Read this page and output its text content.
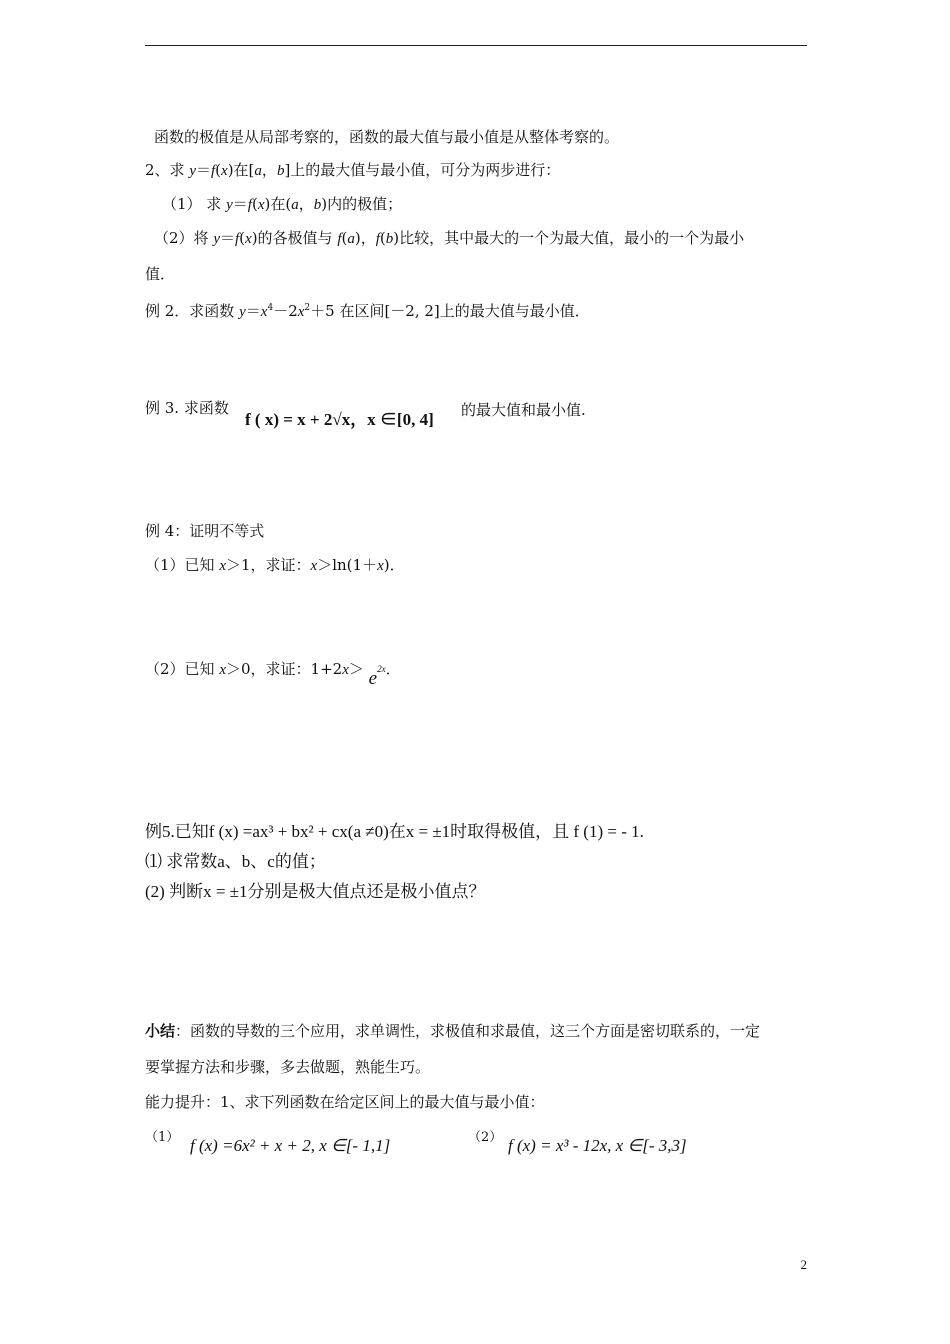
函数的极值是从局部考察的，函数的最大值与最小值是从整体考察的。
2、求 y＝f(x)在[a，b]上的最大值与最小值，可分为两步进行：
（1） 求 y＝f(x)在(a，b)内的极值；
（2）将 y＝f(x)的各极值与 f(a)，f(b)比较，其中最大的一个为最大值，最小的一个为最小
值．
例 2．求函数 $y=x^4-2x^2+5$ 在区间[－2, 2]上的最大值与最小值．
例 3. 求函数
f ( x) = x + 2√x，x ∈[0, 4] 的最大值和最小值.
例 4：证明不等式
（1）已知 x＞1，求证：x＞ln(1＋x)．
（2）已知 x＞0，求证：1+2x＞ e2x．
例5.已知f (x) =ax³ + bx² + cx(a ≠0)在x = ±1时取得极值，且 f (1) = - 1.
⑴ 求常数a、b、c的值；
(2) 判断x = ±1分别是极大值点还是极小值点？
小结：函数的导数的三个应用，求单调性，求极值和求最值，这三个方面是密切联系的，一定
要掌握方法和步骤，多去做题，熟能生巧。
能力提升：1、求下列函数在给定区间上的最大值与最小值：
（1） f (x) =6x² + x + 2, x ∈[- 1,1]	（2） f (x) = x³ - 12x, x ∈[- 3,3]
2
